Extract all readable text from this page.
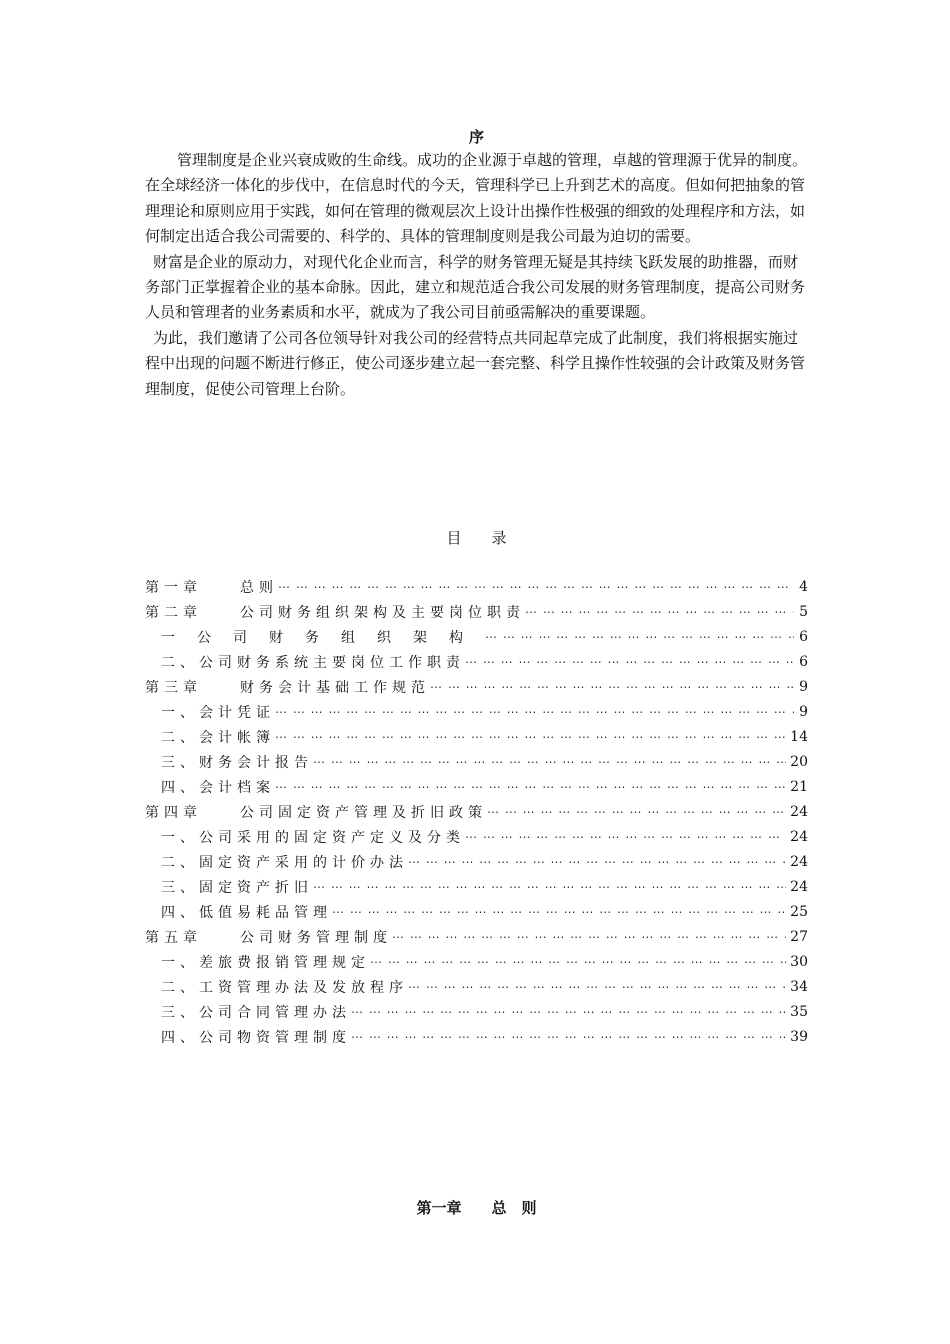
序

管理制度是企业兴衰成败的生命线。成功的企业源于卓越的管理，卓越的管理源于优异的制度。在全球经济一体化的步伐中，在信息时代的今天，管理科学已上升到艺术的高度。但如何把抽象的管理理论和原则应用于实践，如何在管理的微观层次上设计出操作性极强的细致的处理程序和方法，如何制定出适合我公司需要的、科学的、具体的管理制度则是我公司最为迫切的需要。

财富是企业的原动力，对现代化企业而言，科学的财务管理无疑是其持续飞跃发展的助推器，而财务部门正掌握着企业的基本命脉。因此，建立和规范适合我公司发展的财务管理制度，提高公司财务人员和管理者的业务素质和水平，就成为了我公司目前亟需解决的重要课题。

为此，我们邀请了公司各位领导针对我公司的经营特点共同起草完成了此制度，我们将根据实施过程中出现的问题不断进行修正，使公司逐步建立起一套完整、科学且操作性较强的会计政策及财务管理制度，促使公司管理上台阶。

目　　录
第一章　　总则 ⋯ ⋯ ⋯ ⋯ ⋯ ⋯ ⋯ ⋯ ⋯ ⋯ ⋯ ⋯ ⋯ ⋯ ⋯ ⋯ ⋯ ⋯ ⋯ ⋯ ⋯ ⋯ ⋯ ⋯ ⋯ ⋯ ⋯ ⋯ ⋯ ⋯ ⋯ ⋯ ⋯ ⋯ ⋯ ⋯ ⋯ ⋯ ⋯ ⋯	4
第二章　　公司财务组织架构及主要岗位职责 ⋯ ⋯ ⋯ ⋯ ⋯ ⋯ ⋯ ⋯ ⋯ ⋯ ⋯ ⋯ ⋯ ⋯ ⋯ ⋯ ⋯ ⋯ ⋯ ⋯ ⋯ ⋯ ⋯ ⋯ ⋯ ⋯ ⋯ ⋯ ⋯ ⋯ ⋯ ⋯ ⋯ ⋯ ⋯ ⋯ ⋯ ⋯ ⋯ ⋯	5
一公司财务组织架构 ⋯ ⋯ ⋯ ⋯ ⋯ ⋯ ⋯ ⋯ ⋯ ⋯ ⋯ ⋯ ⋯ ⋯ ⋯ ⋯ ⋯ ⋯ ⋯ ⋯ ⋯ ⋯ ⋯ ⋯ ⋯ ⋯ ⋯ ⋯ ⋯ ⋯ ⋯ ⋯ ⋯ ⋯ ⋯ ⋯ ⋯ ⋯ ⋯ ⋯	6
二、公司财务系统主要岗位工作职责 ⋯ ⋯ ⋯ ⋯ ⋯ ⋯ ⋯ ⋯ ⋯ ⋯ ⋯ ⋯ ⋯ ⋯ ⋯ ⋯ ⋯ ⋯ ⋯ ⋯ ⋯ ⋯ ⋯ ⋯ ⋯ ⋯ ⋯ ⋯ ⋯ ⋯ ⋯ ⋯ ⋯ ⋯ ⋯ ⋯ ⋯ ⋯ ⋯ ⋯	6
第三章　　财务会计基础工作规范 ⋯ ⋯ ⋯ ⋯ ⋯ ⋯ ⋯ ⋯ ⋯ ⋯ ⋯ ⋯ ⋯ ⋯ ⋯ ⋯ ⋯ ⋯ ⋯ ⋯ ⋯ ⋯ ⋯ ⋯ ⋯ ⋯ ⋯ ⋯ ⋯ ⋯ ⋯ ⋯ ⋯ ⋯ ⋯ ⋯ ⋯ ⋯ ⋯ ⋯	9
一、会计凭证 ⋯ ⋯ ⋯ ⋯ ⋯ ⋯ ⋯ ⋯ ⋯ ⋯ ⋯ ⋯ ⋯ ⋯ ⋯ ⋯ ⋯ ⋯ ⋯ ⋯ ⋯ ⋯ ⋯ ⋯ ⋯ ⋯ ⋯ ⋯ ⋯ ⋯ ⋯ ⋯ ⋯ ⋯ ⋯ ⋯ ⋯ ⋯ ⋯ ⋯	9
二、会计帐簿 ⋯ ⋯ ⋯ ⋯ ⋯ ⋯ ⋯ ⋯ ⋯ ⋯ ⋯ ⋯ ⋯ ⋯ ⋯ ⋯ ⋯ ⋯ ⋯ ⋯ ⋯ ⋯ ⋯ ⋯ ⋯ ⋯ ⋯ ⋯ ⋯ ⋯ ⋯ ⋯ ⋯ ⋯ ⋯ ⋯ ⋯ ⋯ ⋯ ⋯	14
三、财务会计报告 ⋯ ⋯ ⋯ ⋯ ⋯ ⋯ ⋯ ⋯ ⋯ ⋯ ⋯ ⋯ ⋯ ⋯ ⋯ ⋯ ⋯ ⋯ ⋯ ⋯ ⋯ ⋯ ⋯ ⋯ ⋯ ⋯ ⋯ ⋯ ⋯ ⋯ ⋯ ⋯ ⋯ ⋯ ⋯ ⋯ ⋯ ⋯ ⋯ ⋯	20
四、会计档案 ⋯ ⋯ ⋯ ⋯ ⋯ ⋯ ⋯ ⋯ ⋯ ⋯ ⋯ ⋯ ⋯ ⋯ ⋯ ⋯ ⋯ ⋯ ⋯ ⋯ ⋯ ⋯ ⋯ ⋯ ⋯ ⋯ ⋯ ⋯ ⋯ ⋯ ⋯ ⋯ ⋯ ⋯ ⋯ ⋯ ⋯ ⋯ ⋯ ⋯	21
第四章　　公司固定资产管理及折旧政策 ⋯ ⋯ ⋯ ⋯ ⋯ ⋯ ⋯ ⋯ ⋯ ⋯ ⋯ ⋯ ⋯ ⋯ ⋯ ⋯ ⋯ ⋯ ⋯ ⋯ ⋯ ⋯ ⋯ ⋯ ⋯ ⋯ ⋯ ⋯ ⋯ ⋯ ⋯ ⋯ ⋯ ⋯ ⋯ ⋯ ⋯ ⋯ ⋯ ⋯	24
一、公司采用的固定资产定义及分类 ⋯ ⋯ ⋯ ⋯ ⋯ ⋯ ⋯ ⋯ ⋯ ⋯ ⋯ ⋯ ⋯ ⋯ ⋯ ⋯ ⋯ ⋯ ⋯ ⋯ ⋯ ⋯ ⋯ ⋯ ⋯ ⋯ ⋯ ⋯ ⋯ ⋯ ⋯ ⋯ ⋯ ⋯ ⋯ ⋯ ⋯ ⋯ ⋯ ⋯	24
二、固定资产采用的计价办法 ⋯ ⋯ ⋯ ⋯ ⋯ ⋯ ⋯ ⋯ ⋯ ⋯ ⋯ ⋯ ⋯ ⋯ ⋯ ⋯ ⋯ ⋯ ⋯ ⋯ ⋯ ⋯ ⋯ ⋯ ⋯ ⋯ ⋯ ⋯ ⋯ ⋯ ⋯ ⋯ ⋯ ⋯ ⋯ ⋯ ⋯ ⋯ ⋯ ⋯	24
三、固定资产折旧 ⋯ ⋯ ⋯ ⋯ ⋯ ⋯ ⋯ ⋯ ⋯ ⋯ ⋯ ⋯ ⋯ ⋯ ⋯ ⋯ ⋯ ⋯ ⋯ ⋯ ⋯ ⋯ ⋯ ⋯ ⋯ ⋯ ⋯ ⋯ ⋯ ⋯ ⋯ ⋯ ⋯ ⋯ ⋯ ⋯ ⋯ ⋯ ⋯ ⋯	24
四、低值易耗品管理 ⋯ ⋯ ⋯ ⋯ ⋯ ⋯ ⋯ ⋯ ⋯ ⋯ ⋯ ⋯ ⋯ ⋯ ⋯ ⋯ ⋯ ⋯ ⋯ ⋯ ⋯ ⋯ ⋯ ⋯ ⋯ ⋯ ⋯ ⋯ ⋯ ⋯ ⋯ ⋯ ⋯ ⋯ ⋯ ⋯ ⋯ ⋯ ⋯ ⋯	25
第五章　　公司财务管理制度 ⋯ ⋯ ⋯ ⋯ ⋯ ⋯ ⋯ ⋯ ⋯ ⋯ ⋯ ⋯ ⋯ ⋯ ⋯ ⋯ ⋯ ⋯ ⋯ ⋯ ⋯ ⋯ ⋯ ⋯ ⋯ ⋯ ⋯ ⋯ ⋯ ⋯ ⋯ ⋯ ⋯ ⋯ ⋯ ⋯ ⋯ ⋯ ⋯ ⋯	27
一、差旅费报销管理规定 ⋯ ⋯ ⋯ ⋯ ⋯ ⋯ ⋯ ⋯ ⋯ ⋯ ⋯ ⋯ ⋯ ⋯ ⋯ ⋯ ⋯ ⋯ ⋯ ⋯ ⋯ ⋯ ⋯ ⋯ ⋯ ⋯ ⋯ ⋯ ⋯ ⋯ ⋯ ⋯ ⋯ ⋯ ⋯ ⋯ ⋯ ⋯ ⋯ ⋯	30
二、工资管理办法及发放程序 ⋯ ⋯ ⋯ ⋯ ⋯ ⋯ ⋯ ⋯ ⋯ ⋯ ⋯ ⋯ ⋯ ⋯ ⋯ ⋯ ⋯ ⋯ ⋯ ⋯ ⋯ ⋯ ⋯ ⋯ ⋯ ⋯ ⋯ ⋯ ⋯ ⋯ ⋯ ⋯ ⋯ ⋯ ⋯ ⋯ ⋯ ⋯ ⋯ ⋯	34
三、公司合同管理办法 ⋯ ⋯ ⋯ ⋯ ⋯ ⋯ ⋯ ⋯ ⋯ ⋯ ⋯ ⋯ ⋯ ⋯ ⋯ ⋯ ⋯ ⋯ ⋯ ⋯ ⋯ ⋯ ⋯ ⋯ ⋯ ⋯ ⋯ ⋯ ⋯ ⋯ ⋯ ⋯ ⋯ ⋯ ⋯ ⋯ ⋯ ⋯ ⋯ ⋯	35
四、公司物资管理制度 ⋯ ⋯ ⋯ ⋯ ⋯ ⋯ ⋯ ⋯ ⋯ ⋯ ⋯ ⋯ ⋯ ⋯ ⋯ ⋯ ⋯ ⋯ ⋯ ⋯ ⋯ ⋯ ⋯ ⋯ ⋯ ⋯ ⋯ ⋯ ⋯ ⋯ ⋯ ⋯ ⋯ ⋯ ⋯ ⋯ ⋯ ⋯ ⋯ ⋯	39
第一章　　总　则
